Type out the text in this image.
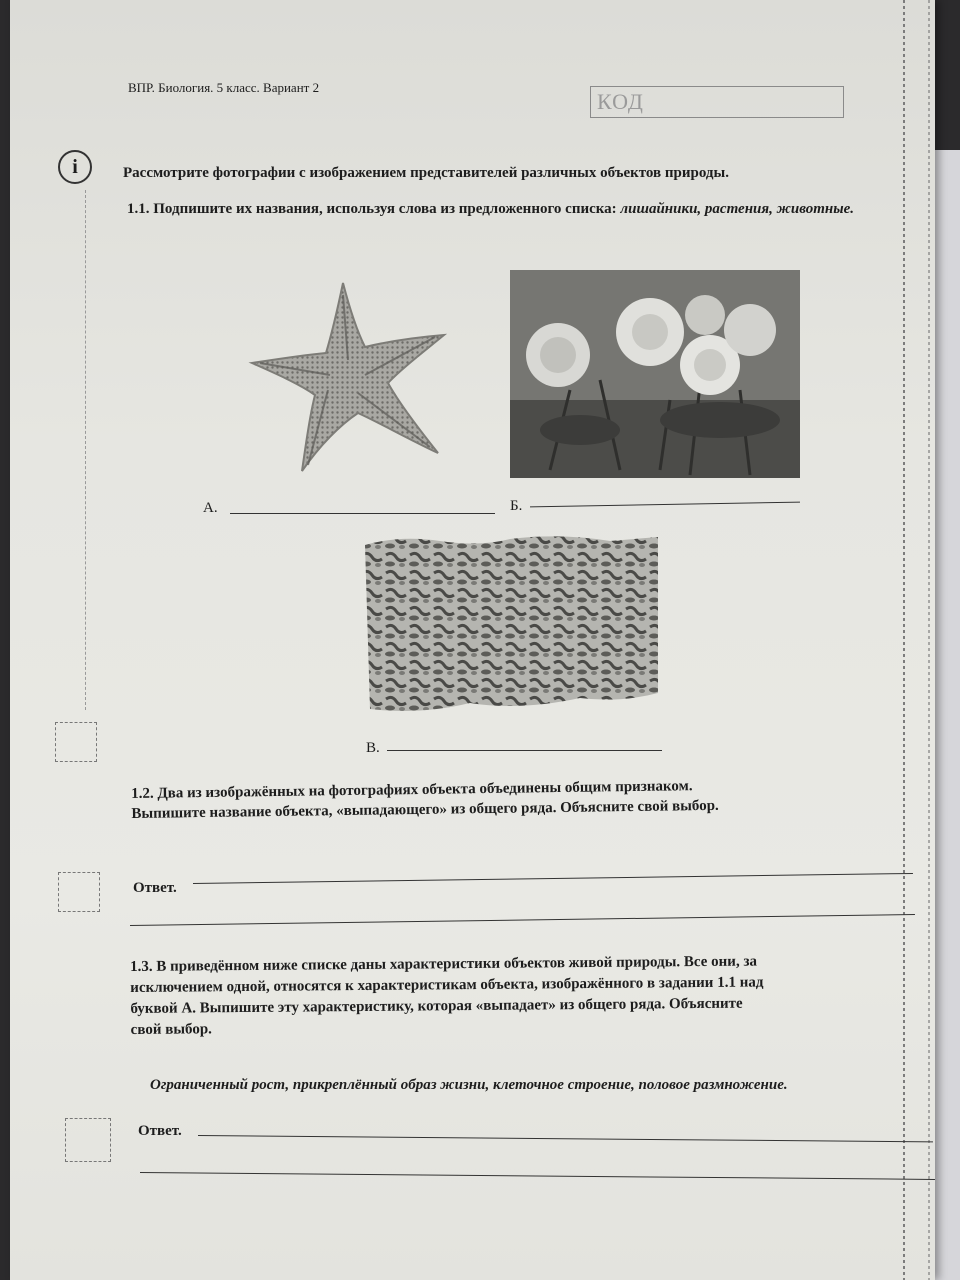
ВПР. Биология. 5 класс. Вариант 2
КОД
i	Рассмотрите фотографии с изображением представителей различных объектов природы.
1.1. Подпишите их названия, используя слова из предложенного списка: лишайники, растения, животные.
А.	Б.
В.
1.2. Два из изображённых на фотографиях объекта объединены общим признаком.
Выпишите название объекта, «выпадающего» из общего ряда. Объясните свой выбор.
Ответ.
1.3. В приведённом ниже списке даны характеристики объектов живой природы. Все они, за
исключением одной, относятся к характеристикам объекта, изображённого в задании 1.1 над
буквой А. Выпишите эту характеристику, которая «выпадает» из общего ряда. Объясните
свой выбор.
Ограниченный рост, прикреплённый образ жизни, клеточное строение, половое размножение.
Ответ.
